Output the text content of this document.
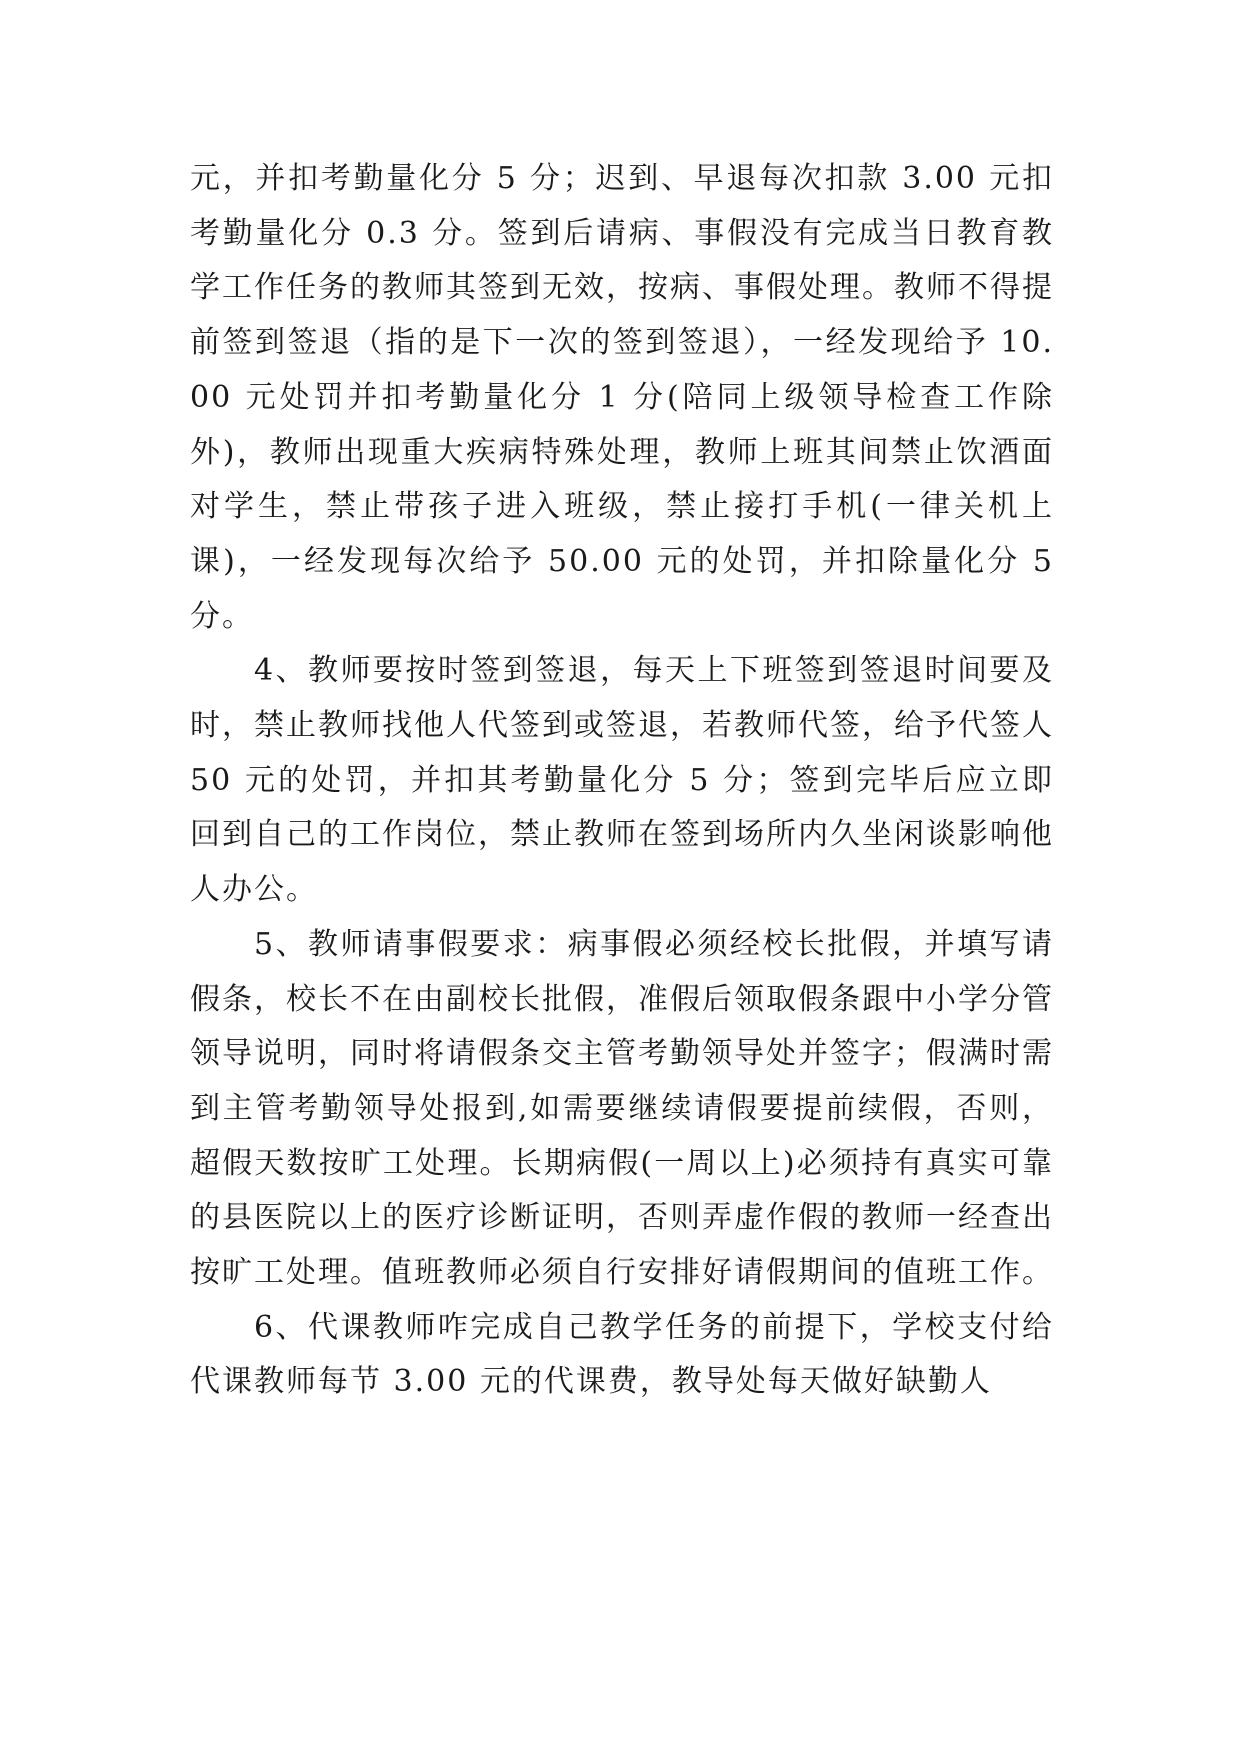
元，并扣考勤量化分 5 分；迟到、早退每次扣款 3.00 元扣考勤量化分 0.3 分。签到后请病、事假没有完成当日教育教学工作任务的教师其签到无效，按病、事假处理。教师不得提前签到签退（指的是下一次的签到签退），一经发现给予 10.00 元处罚并扣考勤量化分 1 分(陪同上级领导检查工作除外)，教师出现重大疾病特殊处理，教师上班其间禁止饮酒面对学生，禁止带孩子进入班级，禁止接打手机(一律关机上课)，一经发现每次给予 50.00 元的处罚，并扣除量化分 5 分。

4、教师要按时签到签退，每天上下班签到签退时间要及时，禁止教师找他人代签到或签退，若教师代签，给予代签人 50 元的处罚，并扣其考勤量化分 5 分；签到完毕后应立即回到自己的工作岗位，禁止教师在签到场所内久坐闲谈影响他人办公。

5、教师请事假要求：病事假必须经校长批假，并填写请假条，校长不在由副校长批假，准假后领取假条跟中小学分管领导说明，同时将请假条交主管考勤领导处并签字；假满时需到主管考勤领导处报到,如需要继续请假要提前续假，否则，超假天数按旷工处理。长期病假(一周以上)必须持有真实可靠的县医院以上的医疗诊断证明，否则弄虚作假的教师一经查出按旷工处理。值班教师必须自行安排好请假期间的值班工作。

6、代课教师咋完成自己教学任务的前提下，学校支付给代课教师每节 3.00 元的代课费，教导处每天做好缺勤人
